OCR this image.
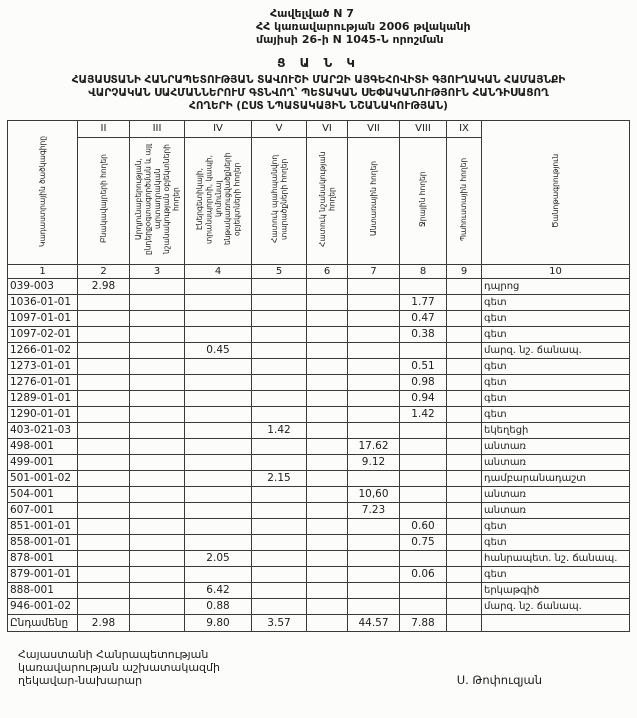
Հավելված N 7
ՀՀ կառավարության 2006 թվականի
մայիսի 26-ի N 1045-Ն որոշման
Ց Ա Ն Կ
ՀԱՅԱՍՏԱՆԻ ՀԱՆՐԱՊԵՏՈՒԹՅԱՆ ՏԱՎՈՒՇԻ ՄԱՐԶԻ ԱՅԳԵՀՈՎԻՏԻ ԳՅՈՒՂԱԿԱՆ ՀԱՄԱՅՆՔԻ
ՎԱՐՉԱԿԱՆ ՍԱՀՄԱՆՆԵՐՈՒՄ ԳՏՆՎՈՂ՝ ՊԵՏԱԿԱՆ ՍԵՓԱԿԱՆՈՒԹՅՈՒՆ ՀԱՆԴԻՍԱՑՈՂ
ՀՈՂԵՐԻ (ԸՍՏ ՆՊԱՏԱԿԱՅԻՆ ՆՇԱՆԱԿՈՒԹՅԱՆ)
Կադաստրային ծածկագիրը	II	III	IV	V	VI	VII	VIII	IX	Ծանոթագրություն
	Բնակավայրերի հողեր	Արդյունաբերության, ընդերքօգտագործման և այլ արտադրական նշանակության օբյեկտների հողեր	Էներգետիկայի, տրանսպորտի, կապի, կոմունալ ենթակառուցվածքների օբյեկտների հողեր	Հատուկ պահպանվող տարածքների հողեր	Հատուկ նշանակության հողեր	Անտառային հողեր	Ջրային հողեր	Պահուստային հողեր	
1	2	3	4	5	6	7	8	9	10
039-003	2.98								դպրոց
1036-01-01							1.77		գետ
1097-01-01							0.47		գետ
1097-02-01							0.38		գետ
1266-01-02			0.45						մարզ. նշ. ճանապ.
1273-01-01							0.51		գետ
1276-01-01							0.98		գետ
1289-01-01							0.94		գետ
1290-01-01							1.42		գետ
403-021-03				1.42					եկեղեցի
498-001						17.62			անտառ
499-001						9.12			անտառ
501-001-02				2.15					դամբարանադաշտ
504-001						10,60			անտառ
607-001						7.23			անտառ
851-001-01							0.60		գետ
858-001-01							0.75		գետ
878-001			2.05						հանրապետ. նշ. ճանապ.
879-001-01							0.06		գետ
888-001			6.42						երկաթգիծ
946-001-02			0.88						մարզ. նշ. ճանապ.
Ընդամենը	2.98		9.80	3.57		44.57	7.88		
Հայաստանի Հանրապետության
կառավարության աշխատակազմի
ղեկավար-նախարար	Ս. Թոփուզյան
